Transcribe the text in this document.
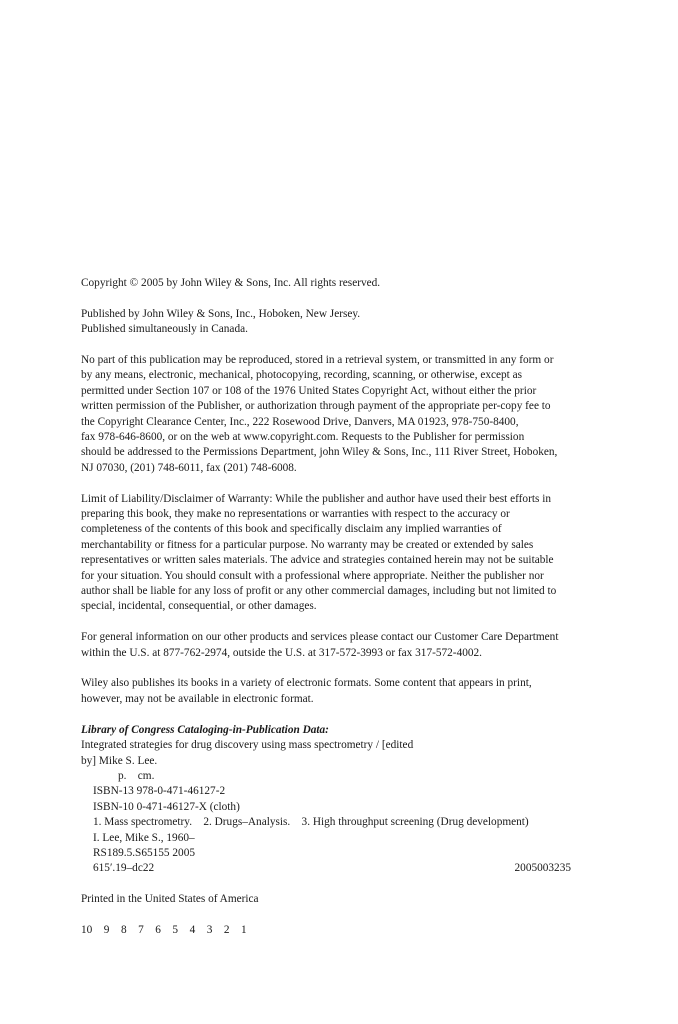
Copyright © 2005 by John Wiley & Sons, Inc. All rights reserved.

Published by John Wiley & Sons, Inc., Hoboken, New Jersey.
Published simultaneously in Canada.

No part of this publication may be reproduced, stored in a retrieval system, or transmitted in any form or
by any means, electronic, mechanical, photocopying, recording, scanning, or otherwise, except as
permitted under Section 107 or 108 of the 1976 United States Copyright Act, without either the prior
written permission of the Publisher, or authorization through payment of the appropriate per-copy fee to
the Copyright Clearance Center, Inc., 222 Rosewood Drive, Danvers, MA 01923, 978-750-8400,
fax 978-646-8600, or on the web at www.copyright.com. Requests to the Publisher for permission
should be addressed to the Permissions Department, john Wiley & Sons, Inc., 111 River Street, Hoboken,
NJ 07030, (201) 748-6011, fax (201) 748-6008.

Limit of Liability/Disclaimer of Warranty: While the publisher and author have used their best efforts in
preparing this book, they make no representations or warranties with respect to the accuracy or
completeness of the contents of this book and specifically disclaim any implied warranties of
merchantability or fitness for a particular purpose. No warranty may be created or extended by sales
representatives or written sales materials. The advice and strategies contained herein may not be suitable
for your situation. You should consult with a professional where appropriate. Neither the publisher nor
author shall be liable for any loss of profit or any other commercial damages, including but not limited to
special, incidental, consequential, or other damages.

For general information on our other products and services please contact our Customer Care Department
within the U.S. at 877-762-2974, outside the U.S. at 317-572-3993 or fax 317-572-4002.

Wiley also publishes its books in a variety of electronic formats. Some content that appears in print,
however, may not be available in electronic format.

Library of Congress Cataloging-in-Publication Data:
Integrated strategies for drug discovery using mass spectrometry / [edited
by] Mike S. Lee.
p.    cm.
ISBN-13 978-0-471-46127-2
ISBN-10 0-471-46127-X (cloth)
1. Mass spectrometry.    2. Drugs–Analysis.    3. High throughput screening (Drug development)
I. Lee, Mike S., 1960–
RS189.5.S65155 2005
615′.19–dc22	2005003235

Printed in the United States of America

10 9 8 7 6 5 4 3 2 1
